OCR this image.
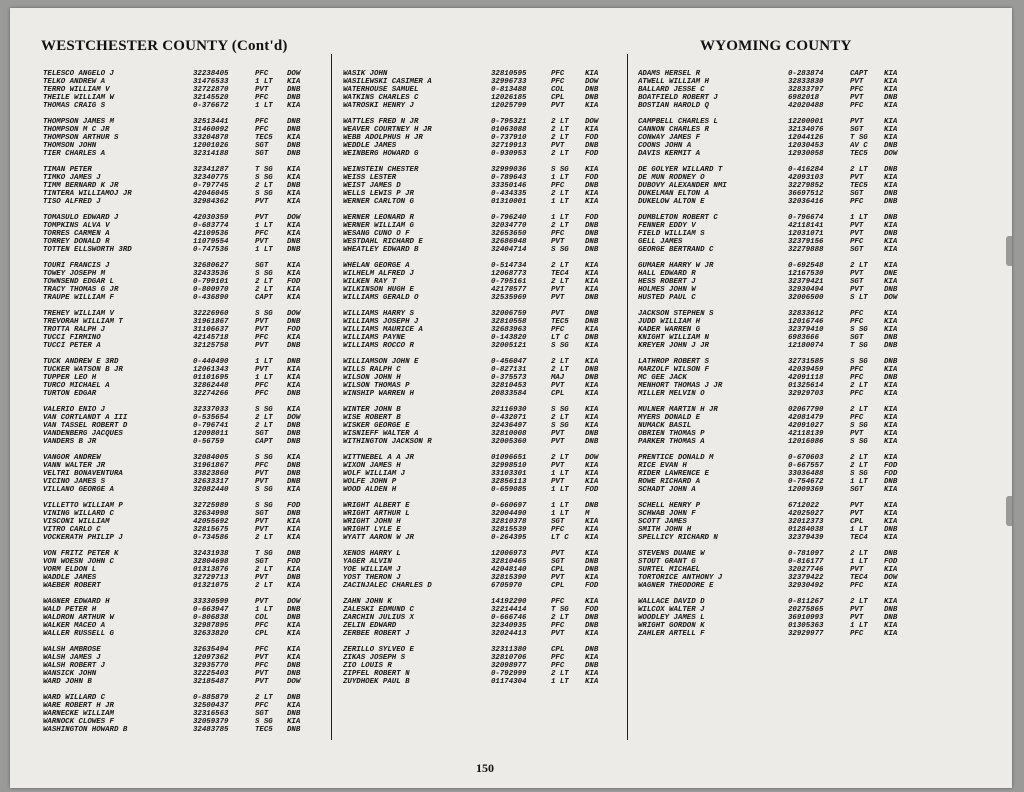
WESTCHESTER COUNTY (Cont'd)	WYOMING COUNTY
TELESCO ANGELO J	32238405	PFC	DOW
TELKO ANDREW A	31476533	1 LT	KIA
TERRO WILLIAM V	32722870	PVT	DNB
THEILE WILLIAM W	32145520	PFC	DNB
THOMAS CRAIG S	0-376672	1 LT	KIA
THOMPSON JAMES M	32513441	PFC	DNB
THOMPSON M C JR	31460092	PFC	DNB
THOMPSON ARTHUR S	33204878	TEC5	KIA
THOMSON JOHN	12001026	SGT	DNB
TIER CHARLES A	32314188	SGT	DNB
TIMAN PETER	32341287	T SG	KIA
TIMKO JAMES J	32340775	S SG	KIA
TIMM BERNARD K JR	0-797745	2 LT	DNB
TINTERA WILLIAMOJ JR	42046045	S SG	KIA
TISO ALFRED J	32984362	PVT	KIA
TOMASULO EDWARD J	42030359	PVT	DOW
TOMPKINS ALVA V	0-683774	1 LT	KIA
TORRES CARMEN A	42109536	PFC	KIA
TORREY DONALD R	11079554	PVT	DNB
TOTTEN ELLSWORTH 3RD	0-747536	1 LT	DNB
TOURI FRANCIS J	32680627	SGT	KIA
TOWEY JOSEPH M	32433536	S SG	KIA
TOWNSEND EDGAR L	0-799101	2 LT	FOD
TRACY THOMAS G JR	0-800970	2 LT	KIA
TRAUPE WILLIAM F	0-436890	CAPT	KIA
TREHEY WILLIAM V	32226960	S SG	DOW
TREVORAH WILLIAM T	31961867	PVT	DNB
TROTTA RALPH J	31106637	PVT	FOD
TUCCI FIRMINO	42145718	PFC	KIA
TUCCI PETER A	32125758	PVT	DNB
TUCK ANDREW E 3RD	0-440490	1 LT	DNB
TUCKER WATSON B JR	12061343	PVT	KIA
TUPPER LEO H	01101695	1 LT	KIA
TURCO MICHAEL A	32862448	PFC	KIA
TURTON EDGAR	32274266	PFC	DNB
VALERIO ENIO J	32337033	S SG	KIA
VAN CORTLANDT A III	0-535654	2 LT	DOW
VAN TASSEL ROBERT D	0-796741	2 LT	DNB
VANDENBERG JACQUES	12098011	SGT	DNB
VANDERS B JR	0-56759	CAPT	DNB
VANGOR ANDREW	32084005	S SG	KIA
VANN WALTER JR	31961867	PFC	DNB
VELTRI BONAVENTURA	33823860	PVT	DNB
VICINO JAMES S	32633317	PVT	DNB
VILLANO GEORGE A	32082440	S SG	KIA
VILLETTO WILLIAM P	32725989	S SG	FOD
VINING WILLARD C	32634998	SGT	DNB
VISCONI WILLIAM	42055692	PVT	KIA
VITRO CARLO C	32815675	PVT	KIA
VOCKERATH PHILIP J	0-734586	2 LT	KIA
VON FRITZ PETER K	32431938	T SG	DNB
VON WOESN JOHN C	32804698	SGT	FOD
VORM ELDON L	01313876	2 LT	KIA
WADDLE JAMES	32729713	PVT	DNB
WAEBER ROBERT	01321075	2 LT	KIA
WAGNER EDWARD H	33330599	PVT	DOW
WALD PETER H	0-663947	1 LT	DNB
WALDRON ARTHUR W	0-806838	COL	DNB
WALKER MACEO A	32987895	PFC	KIA
WALLER RUSSELL G	32633820	CPL	KIA
WALSH AMBROSE	32635494	PFC	KIA
WALSH JAMES J	12097362	PVT	KIA
WALSH ROBERT J	32935770	PFC	DNB
WANSICK JOHN	32225403	PVT	DNB
WARD JOHN B	32185487	PVT	DOW
WARD WILLARD C	0-885879	2 LT	DNB
WARE ROBERT H JR	32500437	PFC	KIA
WARNECKE WILLIAM	32316563	SGT	DNB
WARNOCK CLOWES F	32059379	S SG	KIA
WASHINGTON HOWARD B	32483785	TEC5	DNB
WASIK JOHN	32810595	PFC	KIA
WASILEWSKI CASIMER A	32996733	PFC	DOW
WATERHOUSE SAMUEL	0-813488	COL	DNB
WATKINS CHARLES C	12026185	CPL	DNB
WATROSKI HENRY J	12025799	PVT	KIA
WATTLES FRED N JR	0-795321	2 LT	DOW
WEAVER COURTNEY H JR	01063088	2 LT	KIA
WEBB ADOLPHUS H JR	0-737910	2 LT	FOD
WEDDLE JAMES	32719913	PVT	DNB
WEINBERG HOWARD G	0-930953	2 LT	FOD
WEINSTEIN CHESTER	32999036	S SG	KIA
WEISS LESTER	0-789643	1 LT	FOD
WEIST JAMES D	33350146	PFC	DNB
WELLS LEWIS P JR	0-434335	2 LT	KIA
WERNER CARLTON G	01310001	1 LT	KIA
WERNER LEONARD R	0-796240	1 LT	FOD
WERNER WILLIAM G	32034770	2 LT	DNB
WESANG CUNO O F	32653650	PFC	DNB
WESTDAHL RICHARD E	32686948	PVT	DNB
WHEATLEY EDWARD B	32404714	S SG	DNB
WHELAN GEORGE A	0-514734	2 LT	KIA
WILHELM ALFRED J	12068773	TEC4	KIA
WILKEN RAY T	0-795161	2 LT	KIA
WILKINSON HUGH E	42178577	PVT	KIA
WILLIAMS GERALD O	32535969	PVT	DNB
WILLIAMS HARRY S	32006759	PVT	DNB
WILLIAMS JOSEPH J	32810558	TEC5	DNB
WILLIAMS MAURICE A	32683963	PFC	KIA
WILLIAMS PAYNE	0-143820	LT C	DNB
WILLIAMS ROCCO R	32005121	S SG	KIA
WILLIAMSON JOHN E	0-456047	2 LT	KIA
WILLS RALPH C	0-827131	2 LT	DNB
WILSON JOHN H	0-375573	MAJ	DNB
WILSON THOMAS P	32810453	PVT	KIA
WINSHIP WARREN H	20833584	CPL	KIA
WINTER JOHN B	32116930	S SG	KIA
WISE ROBERT B	0-432071	2 LT	KIA
WISKER GEORGE E	32436497	S SG	KIA
WISNIEFF WALTER A	32810008	PVT	DNB
WITHINGTON JACKSON R	32005360	PVT	DNB
WITTNEBEL A A JR	01096651	2 LT	DOW
WIXON JAMES H	32998510	PVT	KIA
WOLF WILLIAM J	33103301	1 LT	KIA
WOLFE JOHN P	32856113	PVT	KIA
WOOD ALDEN H	0-659085	1 LT	FOD
WRIGHT ALBERT E	0-660697	1 LT	DNB
WRIGHT ARTHUR L	32004490	1 LT	M
WRIGHT JOHN H	32810378	SGT	KIA
WRIGHT LYLE E	32815539	PFC	KIA
WYATT AARON W JR	0-264395	LT C	KIA
XENOS HARRY L	12006973	PVT	KIA
YAGER ALVIN	32810465	SGT	DNB
YOE WILLIAM J	42048140	CPL	DNB
YOST THERON J	32815390	PVT	KIA
ZACINJALEC CHARLES D	6705970	CPL	FOD
ZAHN JOHN K	14192290	PFC	KIA
ZALESKI EDMUND C	32214414	T SG	FOD
ZARCHIN JULIUS X	0-666746	2 LT	DNB
ZELIN EDWARD	32340935	PFC	DNB
ZERBEE ROBERT J	32024413	PVT	KIA
ZERILLO SYLVEO E	32311380	CPL	DNB
ZIKAS JOSEPH S	32810706	PFC	KIA
ZIO LOUIS R	32098977	PFC	DNB
ZIPFEL ROBERT N	0-792999	2 LT	KIA
ZUYDHOEK PAUL B	01174304	1 LT	KIA
ADAMS HERSEL R	0-283874	CAPT	KIA
ATWELL WILLIAM H	32833830	PVT	KIA
BALLARD JESSE C	32833797	PFC	KIA
BOATFIELD ROBERT J	6982018	PVT	DNB
BOSTIAN HAROLD Q	42020488	PFC	KIA
CAMPBELL CHARLES L	12200001	PVT	KIA
CANNON CHARLES R	32134076	SGT	KIA
CONWAY JAMES F	12044126	T SG	KIA
COONS JOHN A	12030453	AV C	DNB
DAVIS KERMIT A	12930058	TEC5	DOW
DE GOLYER WILLARD T	0-416284	2 LT	DNB
DE MUN RODNEY O	42093103	PVT	KIA
DUBOVY ALEXANDER NMI	32279852	TEC5	KIA
DUKELMAN ELTON A	36697512	SGT	DNB
DUKELOW ALTON E	32036416	PFC	DNB
DUMBLETON ROBERT C	0-796674	1 LT	DNB
FENNER EDDY V	42118141	PVT	KIA
FIELD WILLIAM S	12031071	PVT	DNB
GELL JAMES	32379156	PFC	KIA
GEORGE BERTRAND C	32279888	SGT	KIA
GUMAER HARRY W JR	0-692548	2 LT	KIA
HALL EDWARD R	12167530	PVT	DNE
HESS ROBERT J	32379421	SGT	KIA
HOLMES JOHN W	32930494	PVT	DNB
HUSTED PAUL C	32006500	S LT	DOW
JACKSON STEPHEN S	32833612	PFC	KIA
JUDD WILLIAM H	12016746	PFC	KIA
KADER WARREN G	32379410	S SG	KIA
KNIGHT WILLIAM N	6983666	SGT	DNB
KREYER JOHN J JR	12180074	T SG	DNB
LATHROP ROBERT S	32731585	S SG	DNB
MARZOLF WILSON F	42039459	PFC	KIA
MC GEE JACK	42091118	PFC	DNB
MENHORT THOMAS J JR	01325614	2 LT	KIA
MILLER MELVIN O	32929703	PFC	KIA
MULNER MARTIN H JR	02067790	2 LT	KIA
MYERS DONALD E	42081479	PFC	KIA
NUMACK BASIL	42091027	S SG	KIA
OBRIEN THOMAS P	42118139	PVT	KIA
PARKER THOMAS A	12016086	S SG	KIA
PRENTICE DONALD M	0-670603	2 LT	KIA
RICE EVAN H	0-667557	2 LT	FOD
RIDER LAWRENCE E	33036488	S SG	FOD
ROWE RICHARD A	0-754672	1 LT	DNB
SCHADT JOHN A	12009369	SGT	KIA
SCHELL HENRY P	6712022	PVT	KIA
SCHWAB JOHN F	42025027	PVT	KIA
SCOTT JAMES	32012373	CPL	KIA
SMITH JOHN H	01284038	1 LT	DNB
SPELLICY RICHARD N	32379439	TEC4	KIA
STEVENS DUANE W	0-781097	2 LT	DNB
STOUT GRANT G	0-816177	1 LT	FOD
SURTEL MICHAEL	32027746	PVT	KIA
TORTORICE ANTHONY J	32379422	TEC4	DOW
WAGNER THEODORE E	32930492	PFC	KIA
WALLACE DAVID D	0-811267	2 LT	KIA
WILCOX WALTER J	20275865	PVT	DNB
WOODLEY JAMES L	36910993	PVT	DNB
WRIGHT GORDON K	01305363	1 LT	KIA
ZAHLER ARTELL F	32929977	PFC	KIA
150
